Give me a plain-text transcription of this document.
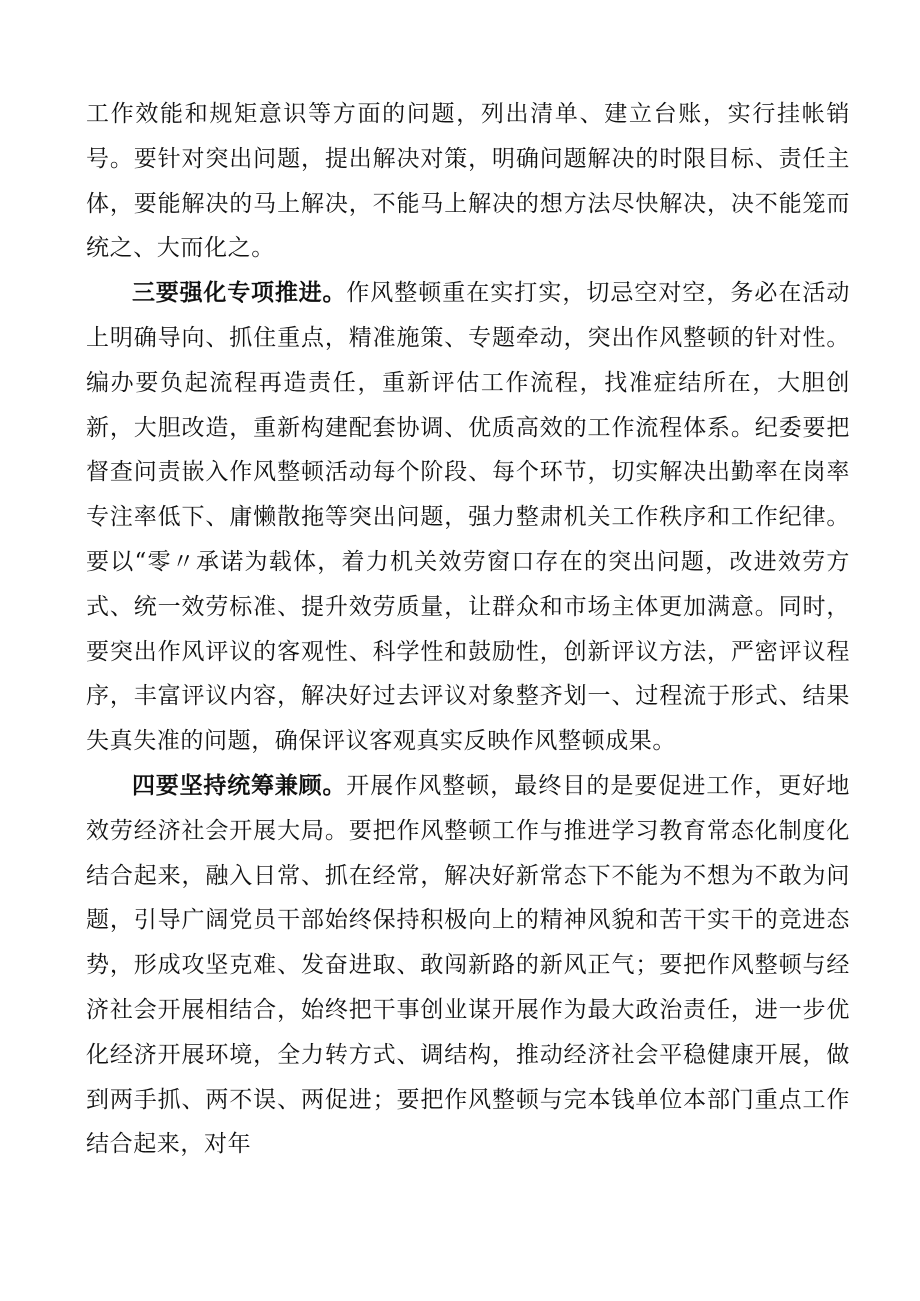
工作效能和规矩意识等方面的问题，列出清单、建立台账，实行挂帐销号。要针对突出问题，提出解决对策，明确问题解决的时限目标、责任主体，要能解决的马上解决，不能马上解决的想方法尽快解决，决不能笼而统之、大而化之。

三要强化专项推进。作风整顿重在实打实，切忌空对空，务必在活动上明确导向、抓住重点，精准施策、专题牵动，突出作风整顿的针对性。编办要负起流程再造责任，重新评估工作流程，找准症结所在，大胆创新，大胆改造，重新构建配套协调、优质高效的工作流程体系。纪委要把督查问责嵌入作风整顿活动每个阶段、每个环节，切实解决出勤率在岗率专注率低下、庸懒散拖等突出问题，强力整肃机关工作秩序和工作纪律。要以“零〃承诺为载体，着力机关效劳窗口存在的突出问题，改进效劳方式、统一效劳标准、提升效劳质量，让群众和市场主体更加满意。同时，要突出作风评议的客观性、科学性和鼓励性，创新评议方法，严密评议程序，丰富评议内容，解决好过去评议对象整齐划一、过程流于形式、结果失真失准的问题，确保评议客观真实反映作风整顿成果。

四要坚持统筹兼顾。开展作风整顿，最终目的是要促进工作，更好地效劳经济社会开展大局。要把作风整顿工作与推进学习教育常态化制度化结合起来，融入日常、抓在经常，解决好新常态下不能为不想为不敢为问题，引导广阔党员干部始终保持积极向上的精神风貌和苦干实干的竞进态势，形成攻坚克难、发奋进取、敢闯新路的新风正气；要把作风整顿与经济社会开展相结合，始终把干事创业谋开展作为最大政治责任，进一步优化经济开展环境，全力转方式、调结构，推动经济社会平稳健康开展，做到两手抓、两不误、两促进；要把作风整顿与完本钱单位本部门重点工作结合起来，对年
